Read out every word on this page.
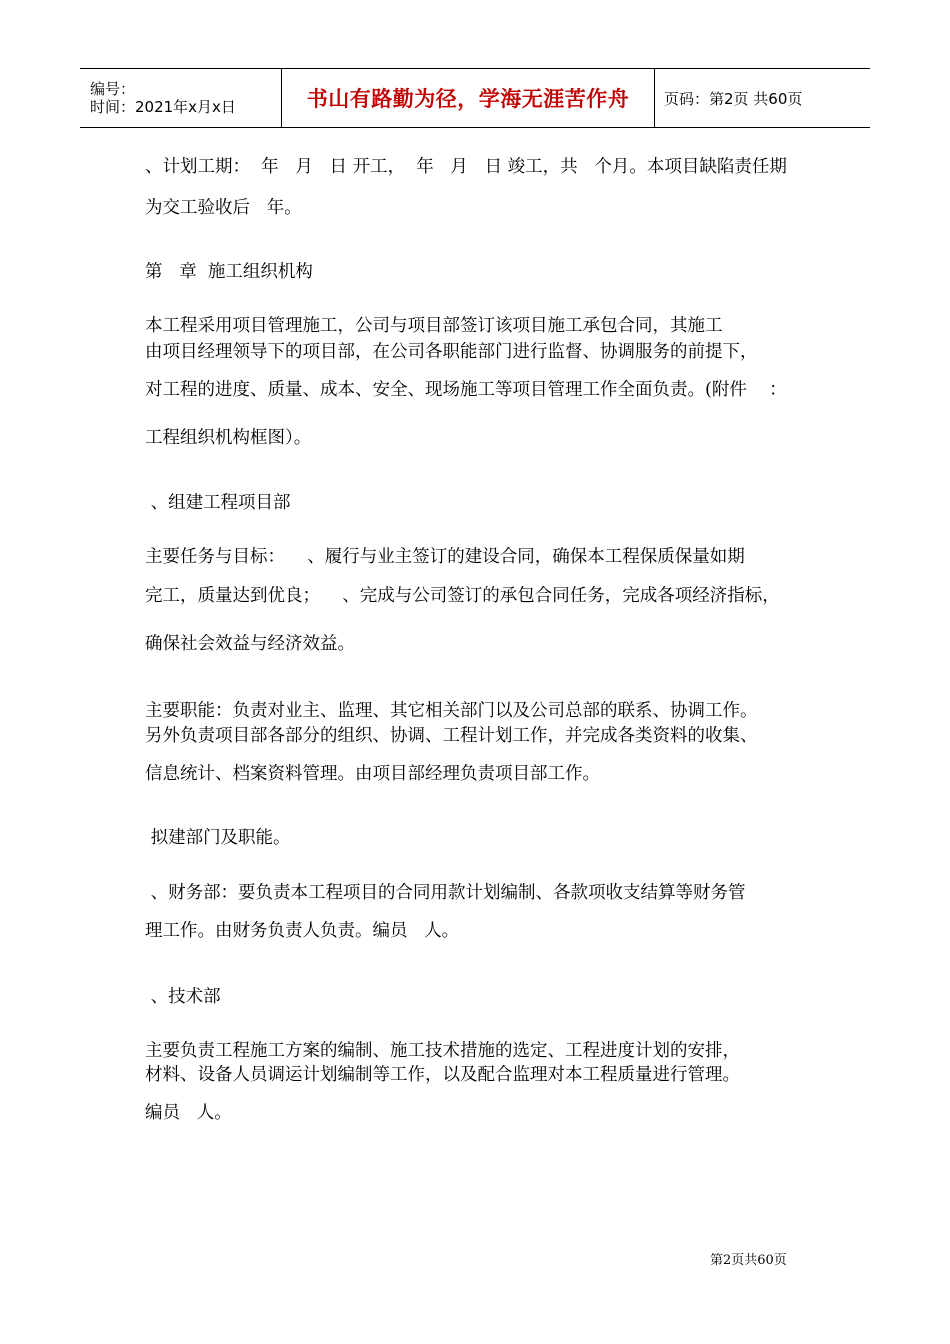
编号：
时间：2021年x月x日	书山有路勤为径，学海无涯苦作舟	页码：第2页 共60页
、计划工期：  年   月   日 开工，  年   月   日 竣工，共   个月。本项目缺陷责任期
为交工验收后   年。
第   章  施工组织机构
本工程采用项目管理施工，公司与项目部签订该项目施工承包合同，其施工
由项目经理领导下的项目部，在公司各职能部门进行监督、协调服务的前提下，
对工程的进度、质量、成本、安全、现场施工等项目管理工作全面负责。(附件    ：
工程组织机构框图）。
、组建工程项目部
主要任务与目标：    、履行与业主签订的建设合同，确保本工程保质保量如期
完工，质量达到优良；    、完成与公司签订的承包合同任务，完成各项经济指标，
确保社会效益与经济效益。
主要职能：负责对业主、监理、其它相关部门以及公司总部的联系、协调工作。
另外负责项目部各部分的组织、协调、工程计划工作，并完成各类资料的收集、
信息统计、档案资料管理。由项目部经理负责项目部工作。
拟建部门及职能。
、财务部：要负责本工程项目的合同用款计划编制、各款项收支结算等财务管
理工作。由财务负责人负责。编员   人。
、技术部
主要负责工程施工方案的编制、施工技术措施的选定、工程进度计划的安排，
材料、设备人员调运计划编制等工作，以及配合监理对本工程质量进行管理。
编员   人。
第2页共60页
